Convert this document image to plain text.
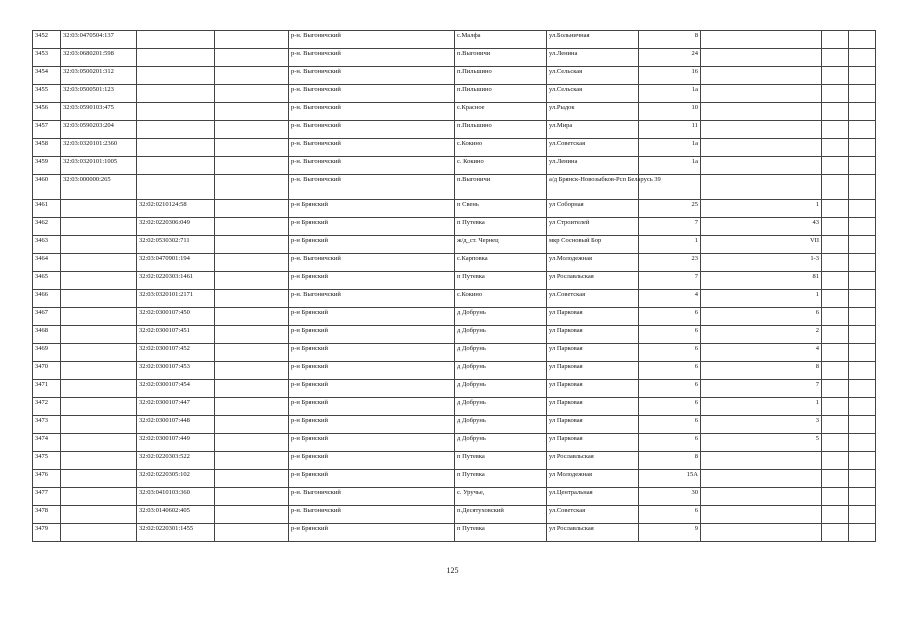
3452	32:03:0470504:137			р-н. Выгоничский	с.Малфа	ул.Больничная	8			
3453	32:03:0680201:598			р-н. Выгоничский	п.Выгоничи	ул.Ленина	24			
3454	32:03:0500201:312			р-н. Выгоничский	п.Пильшино	ул.Сельская	16			
3455	32:03:0500501:123			р-н. Выгоничский	п.Пильшино	ул.Сельская	1а			
3456	32:03:0590103:475			р-н. Выгоничский	с.Красное	ул.Рыдок	10			
3457	32:03:0590203:204			р-н. Выгоничский	п.Пильшино	ул.Мира	11			
3458	32:03:0320101:2360			р-н. Выгоничский	с.Кокино	ул.Советская	1а			
3459	32:03:0320101:1005			р-н. Выгоничский	с. Кокино	ул.Ленина	1а			
3460	32:03:000000:265			р-н. Выгоничский	п.Выгоничи	а/д Брянск-Новозыбков-Рсп Беларусь 39				
3461		32:02:0210124:58		р-н Брянский	п Свень	ул Соборная	25	1		
3462		32:02:0220306:049		р-н Брянский	п Путевка	ул Строителей	7	43		
3463		32:02:0530302:711		р-н Брянский	ж/д_ст. Чернец	мкр Сосновый Бор	1	VII		
3464		32:03:0470901:194		р-н. Выгоничский	с.Карповка	ул.Молодежная	23	1-3		
3465		32:02:0220303:1461		р-н Брянский	п Путевка	ул Рославльская	7	81		
3466		32:03:0320101:2171		р-н. Выгоничский	с.Кокино	ул.Советская	4	1		
3467		32:02:0300107:450		р-н Брянский	д Добрунь	ул Парковая	6	6		
3468		32:02:0300107:451		р-н Брянский	д Добрунь	ул Парковая	6	2		
3469		32:02:0300107:452		р-н Брянский	д Добрунь	ул Парковая	6	4		
3470		32:02:0300107:453		р-н Брянский	д Добрунь	ул Парковая	6	8		
3471		32:02:0300107:454		р-н Брянский	д Добрунь	ул Парковая	6	7		
3472		32:02:0300107:447		р-н Брянский	д Добрунь	ул Парковая	6	1		
3473		32:02:0300107:448		р-н Брянский	д Добрунь	ул Парковая	6	3		
3474		32:02:0300107:449		р-н Брянский	д Добрунь	ул Парковая	6	5		
3475		32:02:0220303:522		р-н Брянский	п Путевка	ул Рославльская	8			
3476		32:02:0220305:102		р-н Брянский	п Путевка	ул Молодежная	15А			
3477		32:03:0410103:360		р-н. Выгоничский	с. Уручье,	ул.Центральная	30			
3478		32:03:0140602:405		р-н. Выгоничский	п.Десятуховский	ул.Советская	6			
3479		32:02:0220301:1455		р-н Брянский	п Путевка	ул Рославльская	9			
125
